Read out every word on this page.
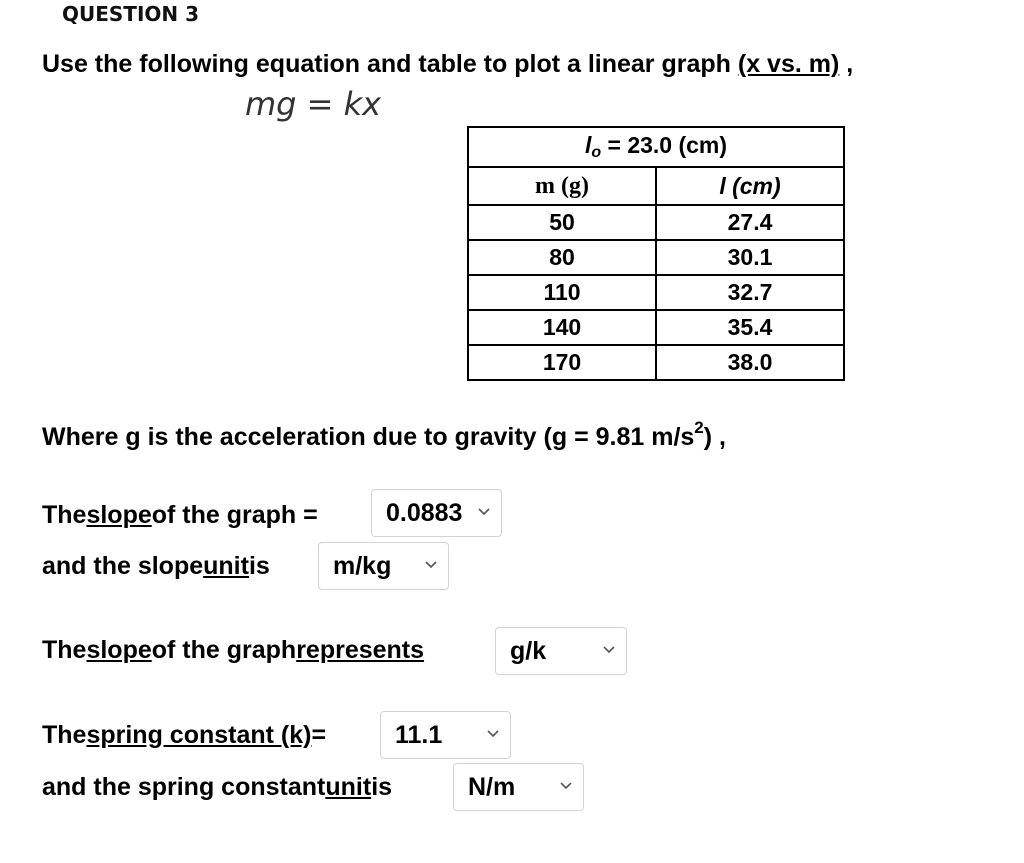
QUESTION 3
Use the following equation and table to plot a linear graph (x vs. m) ,
mg = kx
$l_o = 23.0$ (cm)	
m (g)	l (cm)
50	27.4
80	30.1
110	32.7
140	35.4
170	38.0
Where g is the acceleration due to gravity (g = 9.81 $m/s^2$) ,
The slope of the graph =	0.0883
and the slope unit is	m/kg
The slope of the graph represents	g/k
The spring constant (k) =	11.1
and the spring constant unit is	N/m
